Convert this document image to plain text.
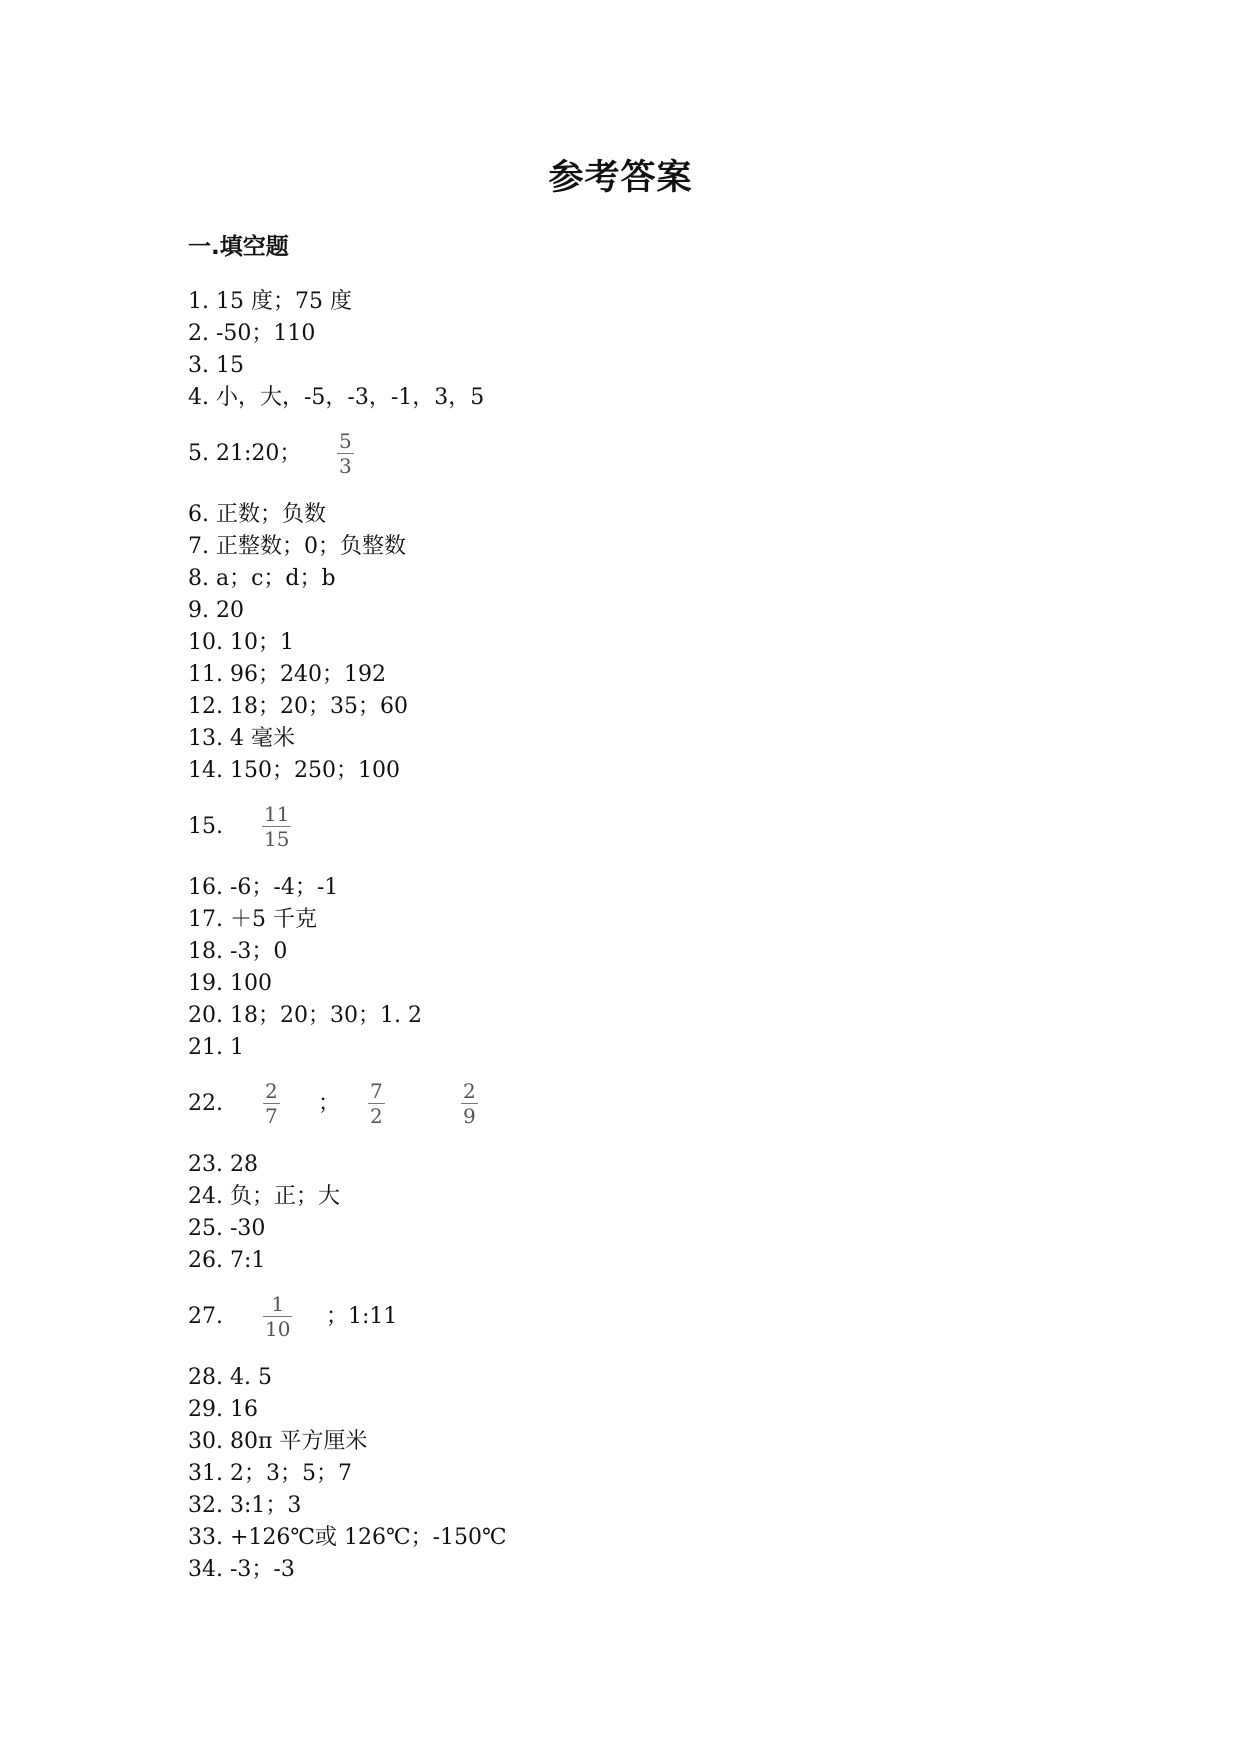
参考答案
一.填空题
1. 15 度；75 度
2. -50；110
3. 15
4. 小，大，-5，-3，-1，3，5
5. 21:20； 5
3
6. 正数；负数
7. 正整数；0；负整数
8. a；c；d；b
9. 20
10. 10；1
11. 96；240；192
12. 18；20；35；60
13. 4 毫米
14. 150；250；100
15. 11
15
16. -6；-4；-1
17. ＋5 千克
18. -3；0
19. 100
20. 18；20；30；1. 2
21. 1
22. 2
7 ； 7
2
2
9
23. 28
24. 负；正；大
25. -30
26. 7:1
27. 1
10 ；1:11
28. 4. 5
29. 16
30. 80π 平方厘米
31. 2；3；5；7
32. 3:1；3
33. +126℃或 126℃；-150℃
34. -3；-3
